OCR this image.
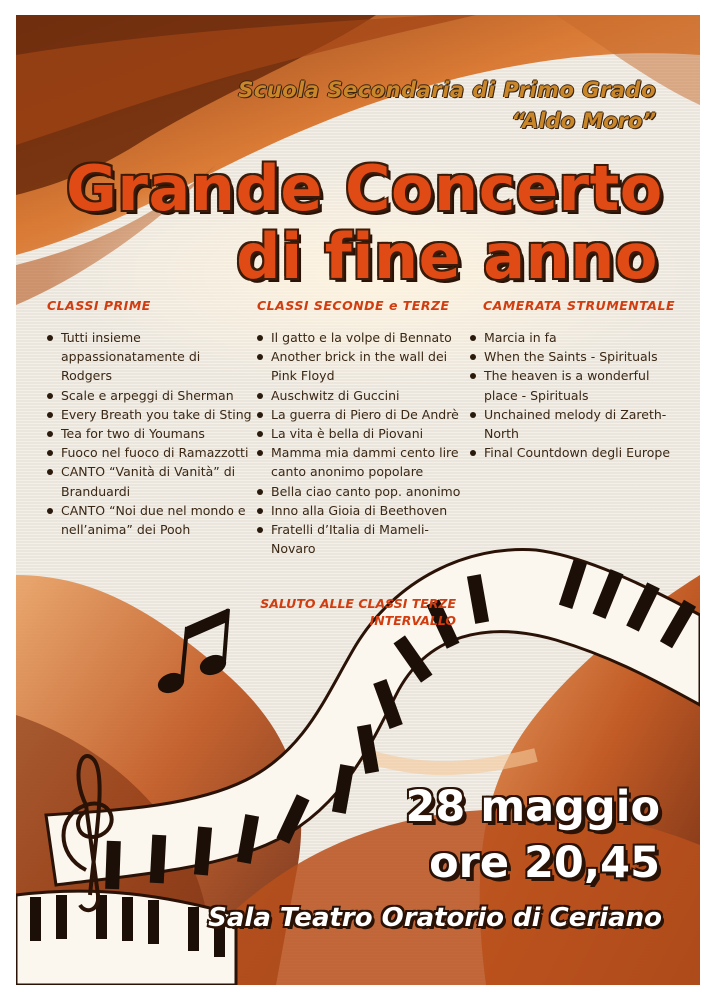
Scuola Secondaria di Primo Grado
“Aldo Moro”
Grande Concerto
di fine anno
CLASSI PRIME	CLASSI SECONDE e TERZE	CAMERATA STRUMENTALE
Tutti insieme appassionatamente di Rodgers
Scale e arpeggi di Sherman
Every Breath you take di Sting
Tea for two di Youmans
Fuoco nel fuoco di Ramazzotti
CANTO “Vanità di Vanità” di Branduardi
CANTO “Noi due nel mondo e nell’anima” dei Pooh
Il gatto e la volpe di Bennato
Another brick in the wall dei Pink Floyd
Auschwitz di Guccini
La guerra di Piero di De Andrè
La vita è bella di Piovani
Mamma mia dammi cento lire canto anonimo popolare
Bella ciao canto pop. anonimo
Inno alla Gioia di Beethoven
Fratelli d’Italia di Mameli-Novaro
Marcia in fa
When the Saints - Spirituals
The heaven is a wonderful place - Spirituals
Unchained melody di Zareth-North
Final Countdown degli Europe
SALUTO ALLE CLASSI TERZE
INTERVALLO
28 maggio
ore 20,45
Sala Teatro Oratorio di Ceriano
